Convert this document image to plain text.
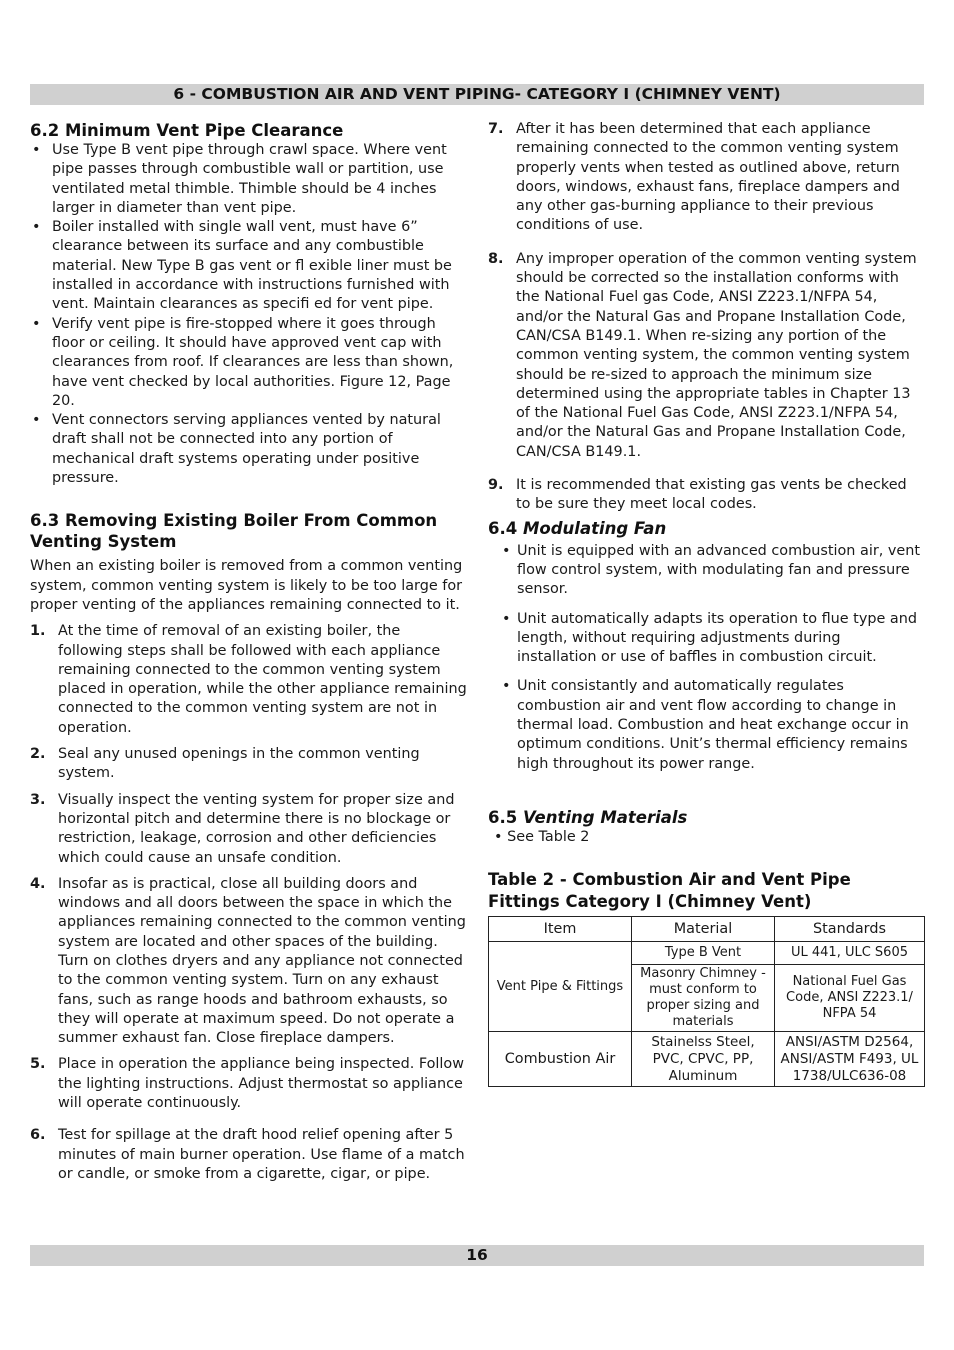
6 - COMBUSTION AIR AND VENT PIPING- CATEGORY I (CHIMNEY VENT)
6.2 Minimum Vent Pipe Clearance
• Use Type B vent pipe through crawl space. Where vent pipe passes through combustible wall or partition, use ventilated metal thimble. Thimble should be 4 inches larger in diameter than vent pipe.
• Boiler installed with single wall vent, must have 6” clearance between its surface and any combustible material. New Type B gas vent or fl exible liner must be installed in accordance with instructions furnished with vent. Maintain clearances as specifi ed for vent pipe.
• Verify vent pipe is fire-stopped where it goes through floor or ceiling. It should have approved vent cap with clearances from roof. If clearances are less than shown, have vent checked by local authorities. Figure 12, Page 20.
• Vent connectors serving appliances vented by natural draft shall not be connected into any portion of mechanical draft systems operating under positive pressure.
6.3 Removing Existing Boiler From Common Venting System

When an existing boiler is removed from a common venting system, common venting system is likely to be too large for proper venting of the appliances remaining connected to it.

1. At the time of removal of an existing boiler, the following steps shall be followed with each appliance remaining connected to the common venting system placed in operation, while the other appliance remaining connected to the common venting system are not in operation.
2. Seal any unused openings in the common venting system.
3. Visually inspect the venting system for proper size and horizontal pitch and determine there is no blockage or restriction, leakage, corrosion and other deficiencies which could cause an unsafe condition.
4. Insofar as is practical, close all building doors and windows and all doors between the space in which the appliances remaining connected to the common venting system are located and other spaces of the building. Turn on clothes dryers and any appliance not connected to the common venting system. Turn on any exhaust fans, such as range hoods and bathroom exhausts, so they will operate at maximum speed. Do not operate a summer exhaust fan. Close fireplace dampers.
5. Place in operation the appliance being inspected. Follow the lighting instructions. Adjust thermostat so appliance will operate continuously.
6. Test for spillage at the draft hood relief opening after 5 minutes of main burner operation. Use flame of a match or candle, or smoke from a cigarette, cigar, or pipe.
7. After it has been determined that each appliance remaining connected to the common venting system properly vents when tested as outlined above, return doors, windows, exhaust fans, fireplace dampers and any other gas-burning appliance to their previous conditions of use.
8. Any improper operation of the common venting system should be corrected so the installation conforms with the National Fuel gas Code, ANSI Z223.1/NFPA 54, and/or the Natural Gas and Propane Installation Code, CAN/CSA B149.1. When re-sizing any portion of the common venting system, the common venting system should be re-sized to approach the minimum size determined using the appropriate tables in Chapter 13 of the National Fuel Gas Code, ANSI Z223.1/NFPA 54, and/or the Natural Gas and Propane Installation Code, CAN/CSA B149.1.
9. It is recommended that existing gas vents be checked to be sure they meet local codes.
6.4 Modulating Fan
• Unit is equipped with an advanced combustion air, vent flow control system, with modulating fan and pressure sensor.
• Unit automatically adapts its operation to flue type and length, without requiring adjustments during installation or use of baffles in combustion circuit.
• Unit consistantly and automatically regulates combustion air and vent flow according to change in thermal load. Combustion and heat exchange occur in optimum conditions. Unit’s thermal efficiency remains high throughout its power range.
6.5 Venting Materials
• See Table 2
Table 2 - Combustion Air and Vent Pipe Fittings Category I (Chimney Vent)
Item	Material	Standards
Vent Pipe & Fittings	Type B Vent	UL 441, ULC S605
	Masonry Chimney - must conform to proper sizing and materials	National Fuel Gas Code, ANSI Z223.1/ NFPA 54
Combustion Air	Stainelss Steel, PVC, CPVC, PP, Aluminum	ANSI/ASTM D2564, ANSI/ASTM F493, UL 1738/ULC636-08
16
